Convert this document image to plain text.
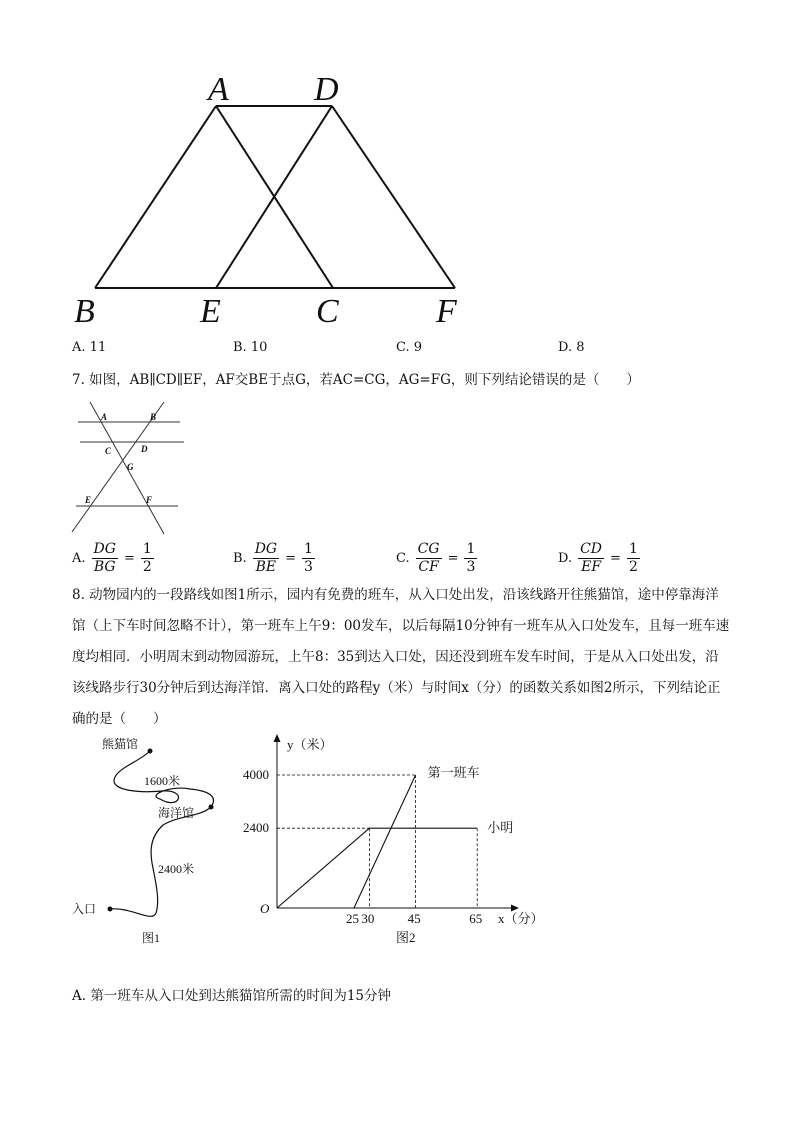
A	D
B	E	C	F
A. 11	B. 10	C. 9	D. 8
7. 如图，AB∥CD∥EF，AF交BE于点G，若AC=CG，AG=FG，则下列结论错误的是（　　）
A	B
C	D
G
E	F
A. $\frac{DG}{BG} = \frac{1}{2}$	B. $\frac{DG}{BE} = \frac{1}{3}$	C. $\frac{CG}{CF} = \frac{1}{3}$	D. $\frac{CD}{EF} = \frac{1}{2}$
8. 动物园内的一段路线如图1所示，园内有免费的班车，从入口处出发，沿该线路开往熊猫馆，途中停靠海洋馆（上下车时间忽略不计），第一班车上午9：00发车，以后每隔10分钟有一班车从入口处发车，且每一班车速度均相同．小明周末到动物园游玩，上午8：35到达入口处，因还没到班车发车时间，于是从入口处出发，沿该线路步行30分钟后到达海洋馆．离入口处的路程y（米）与时间x（分）的函数关系如图2所示，下列结论正确的是（　　）
熊猫馆
1600米
海洋馆
2400米
入口
图1
25 30	45	65
4000
2400
y（米）
x（分）
O
图2
第一班车
小明
A. 第一班车从入口处到达熊猫馆所需的时间为15分钟
